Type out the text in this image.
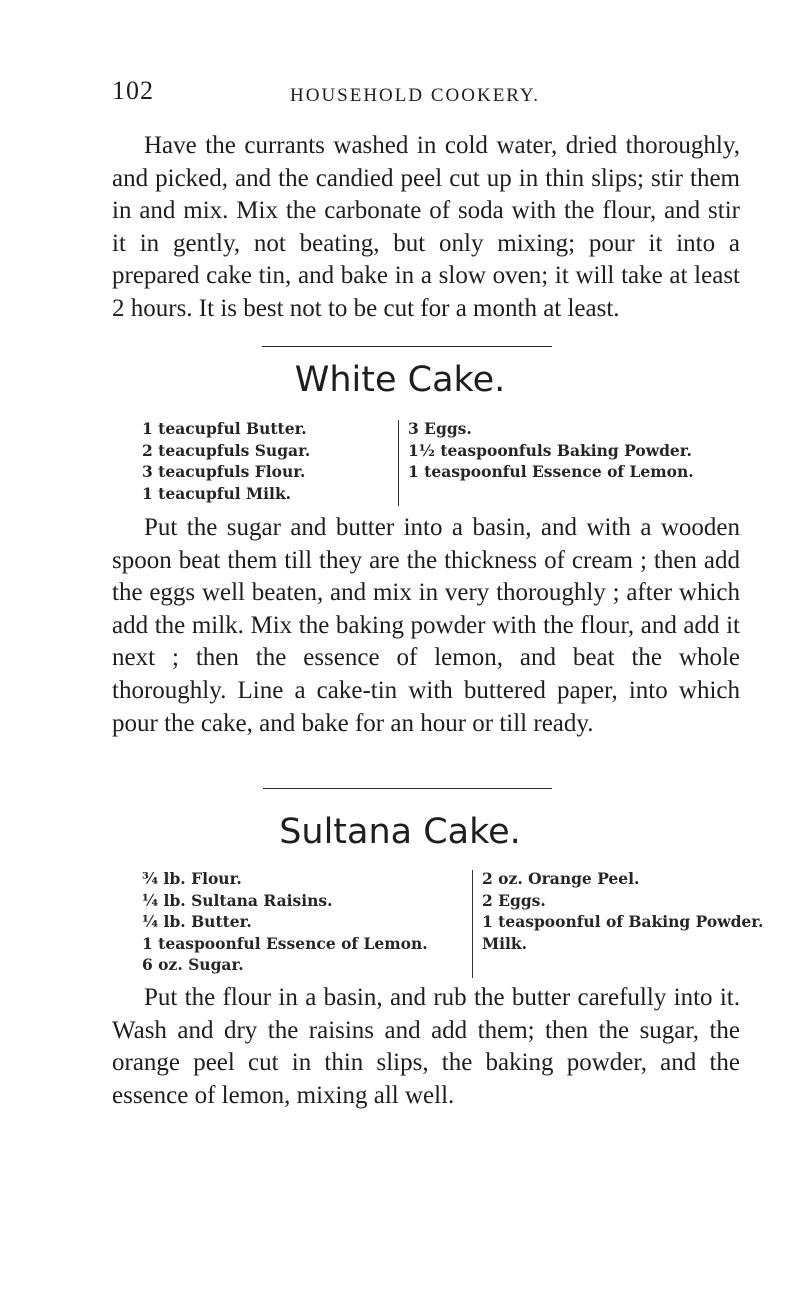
102	HOUSEHOLD COOKERY.

Have the currants washed in cold water, dried thoroughly, and picked, and the candied peel cut up in thin slips; stir them in and mix. Mix the carbonate of soda with the flour, and stir it in gently, not beating, but only mixing; pour it into a prepared cake tin, and bake in a slow oven; it will take at least 2 hours. It is best not to be cut for a month at least.

White Cake.
1 teacupful Butter.
2 teacupfuls Sugar.
3 teacupfuls Flour.
1 teacupful Milk.
3 Eggs.
1½ teaspoonfuls Baking Powder.
1 teaspoonful Essence of Lemon.

Put the sugar and butter into a basin, and with a wooden spoon beat them till they are the thickness of cream ; then add the eggs well beaten, and mix in very thoroughly ; after which add the milk. Mix the baking powder with the flour, and add it next ; then the essence of lemon, and beat the whole thoroughly. Line a cake-tin with buttered paper, into which pour the cake, and bake for an hour or till ready.

Sultana Cake.
¾ lb. Flour.
¼ lb. Sultana Raisins.
¼ lb. Butter.
1 teaspoonful Essence of Lemon.
6 oz. Sugar.
2 oz. Orange Peel.
2 Eggs.
1 teaspoonful of Baking Powder.
Milk.

Put the flour in a basin, and rub the butter carefully into it. Wash and dry the raisins and add them; then the sugar, the orange peel cut in thin slips, the baking powder, and the essence of lemon, mixing all well.
